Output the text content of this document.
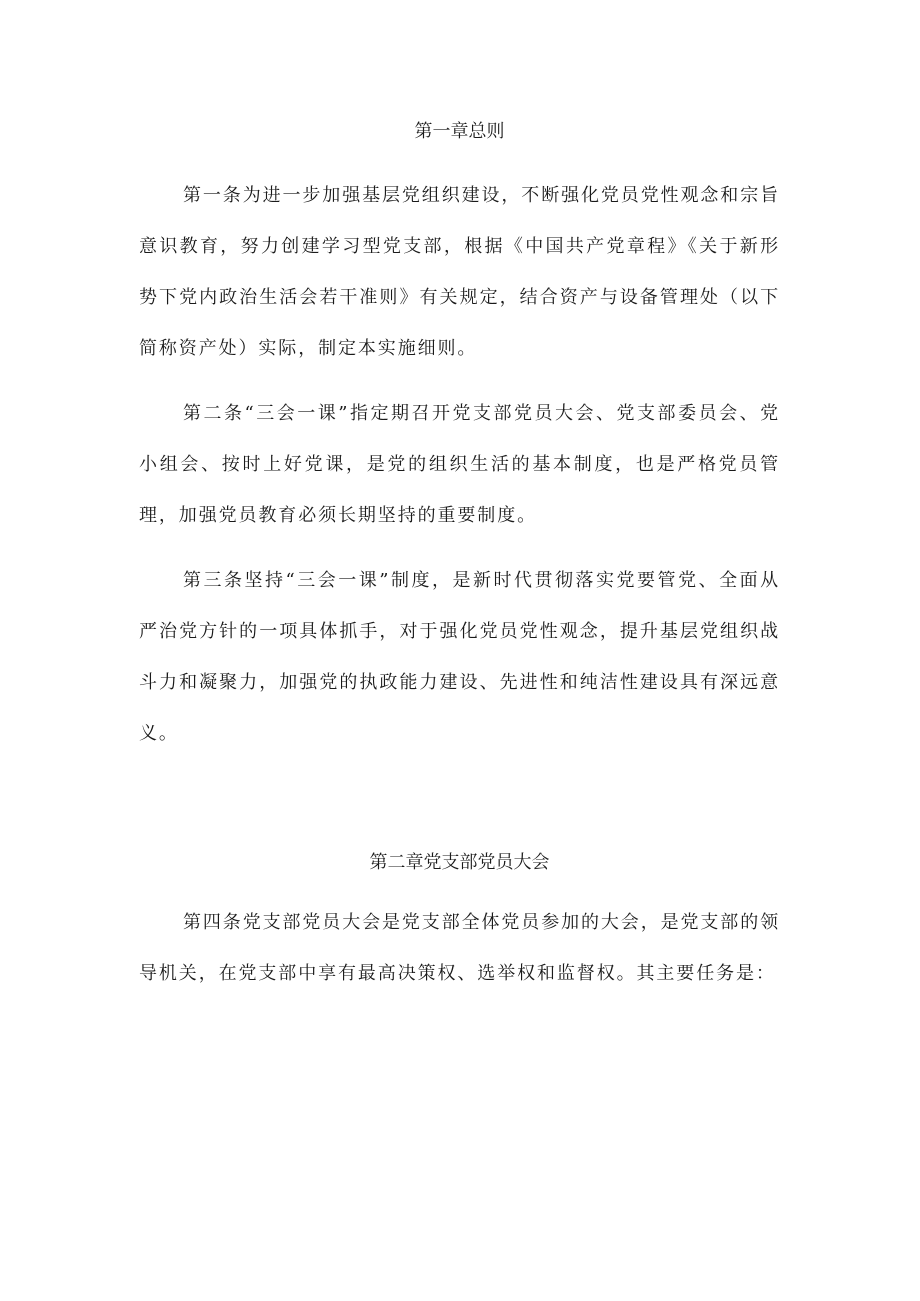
第一章总则

第一条为进一步加强基层党组织建设，不断强化党员党性观念和宗旨意识教育，努力创建学习型党支部，根据《中国共产党章程》《关于新形势下党内政治生活会若干准则》有关规定，结合资产与设备管理处（以下简称资产处）实际，制定本实施细则。

第二条“三会一课”指定期召开党支部党员大会、党支部委员会、党小组会、按时上好党课，是党的组织生活的基本制度，也是严格党员管理，加强党员教育必须长期坚持的重要制度。

第三条坚持“三会一课”制度，是新时代贯彻落实党要管党、全面从严治党方针的一项具体抓手，对于强化党员党性观念，提升基层党组织战斗力和凝聚力，加强党的执政能力建设、先进性和纯洁性建设具有深远意义。

第二章党支部党员大会

第四条党支部党员大会是党支部全体党员参加的大会，是党支部的领导机关，在党支部中享有最高决策权、选举权和监督权。其主要任务是：
